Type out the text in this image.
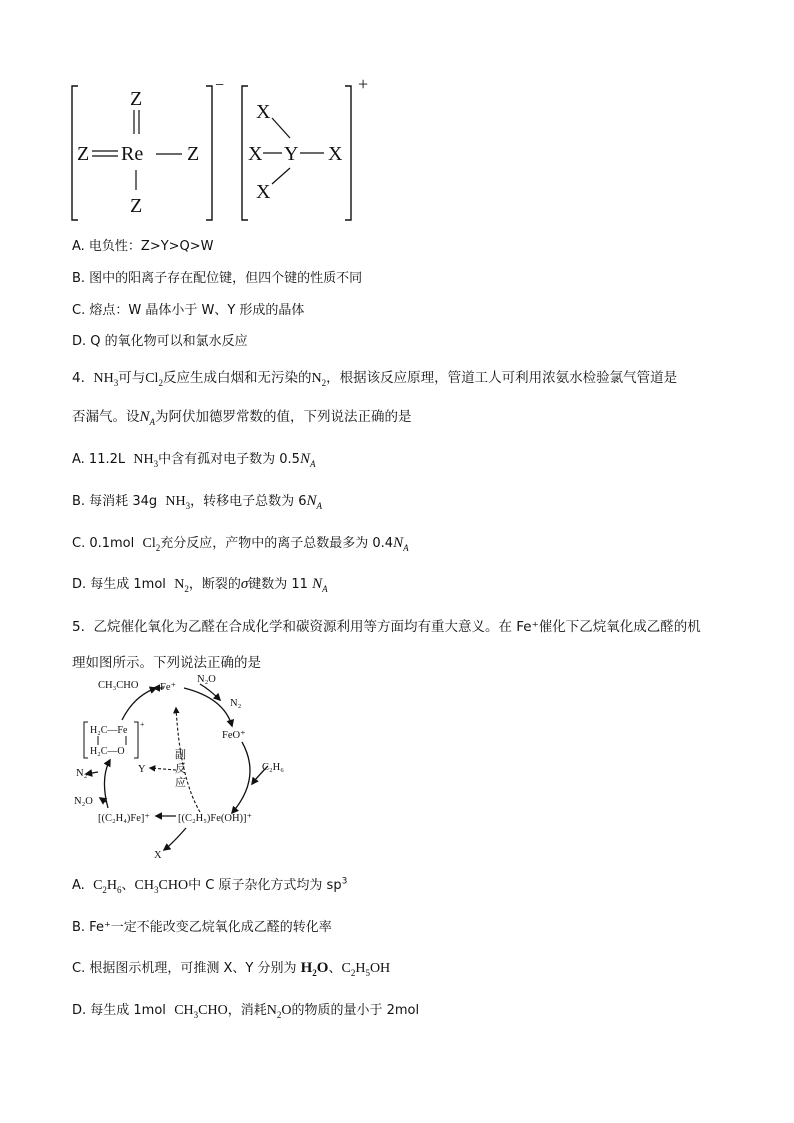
−
Z
Z Re Z
Z
+
X
X Y X
X
A. 电负性：Z>Y>Q>W
B. 图中的阳离子存在配位键，但四个键的性质不同
C. 熔点：W 晶体小于 W、Y 形成的晶体
D. Q 的氧化物可以和氯水反应
4. $NH_3$可与$Cl_2$反应生成白烟和无污染的$N_2$，根据该反应原理，管道工人可利用浓氨水检验氯气管道是
否漏气。设$N_A$为阿伏加德罗常数的值，下列说法正确的是
A. 11.2L $NH_3$中含有孤对电子数为 $0.5N_A$
B. 每消耗 34g $NH_3$，转移电子总数为 $6N_A$
C. 0.1mol $Cl_2$充分反应，产物中的离子总数最多为 $0.4N_A$
D. 每生成 1mol $N_2$，断裂的σ键数为 11 $N_A$
5. 乙烷催化氧化为乙醛在合成化学和碳资源利用等方面均有重大意义。在 Fe⁺催化下乙烷氧化成乙醛的机
理如图所示。下列说法正确的是
CH₃CHO Fe⁺
N₂O
N₂
FeO⁺
C₂H₆
副
反
应
Y
H₂C—Fe
H₂C—O
+
N₂
N₂O
[(C₂H₄)Fe]⁺	[(C₂H₅)Fe(OH)]⁺
X
A. $C_2H_6$、$CH_3CHO$中 C 原子杂化方式均为 $sp^3$
B. Fe⁺一定不能改变乙烷氧化成乙醛的转化率
C. 根据图示机理，可推测 X、Y 分别为 $H_2O$、$C_2H_5OH$
D. 每生成 1mol $CH_3CHO$，消耗$N_2O$的物质的量小于 2mol
